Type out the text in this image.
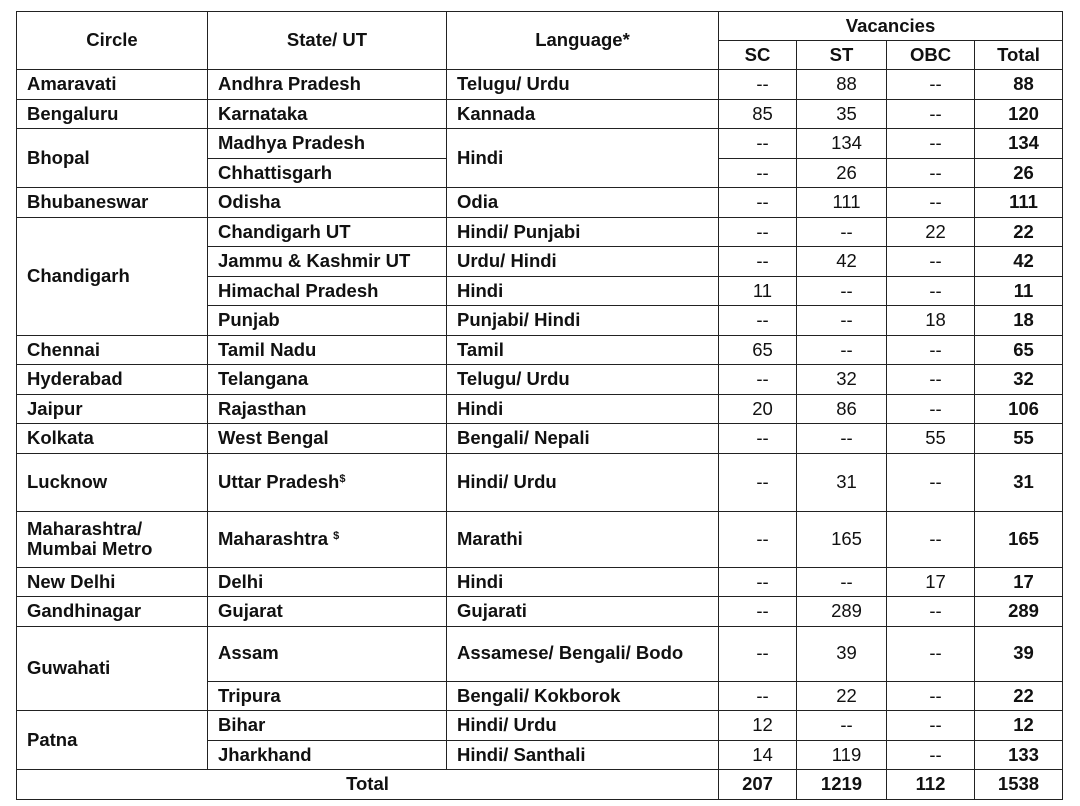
Circle	State/ UT	Language*	Vacancies			
			SC	ST	OBC	Total
Amaravati	Andhra Pradesh	Telugu/ Urdu	--	88	--	88
Bengaluru	Karnataka	Kannada	85	35	--	120
Bhopal	Madhya Pradesh	Hindi	--	134	--	134
	Chhattisgarh		--	26	--	26
Bhubaneswar	Odisha	Odia	--	111	--	111
Chandigarh	Chandigarh UT	Hindi/ Punjabi	--	--	22	22
	Jammu & Kashmir UT	Urdu/ Hindi	--	42	--	42
	Himachal Pradesh	Hindi	11	--	--	11
	Punjab	Punjabi/ Hindi	--	--	18	18
Chennai	Tamil Nadu	Tamil	65	--	--	65
Hyderabad	Telangana	Telugu/ Urdu	--	32	--	32
Jaipur	Rajasthan	Hindi	20	86	--	106
Kolkata	West Bengal	Bengali/ Nepali	--	--	55	55
Lucknow	Uttar Pradesh$	Hindi/ Urdu	--	31	--	31
Maharashtra/
Mumbai Metro	Maharashtra $	Marathi	--	165	--	165
New Delhi	Delhi	Hindi	--	--	17	17
Gandhinagar	Gujarat	Gujarati	--	289	--	289
Guwahati	Assam	Assamese/ Bengali/ Bodo	--	39	--	39
	Tripura	Bengali/ Kokborok	--	22	--	22
Patna	Bihar	Hindi/ Urdu	12	--	--	12
	Jharkhand	Hindi/ Santhali	14	119	--	133
Total			207	1219	112	1538
